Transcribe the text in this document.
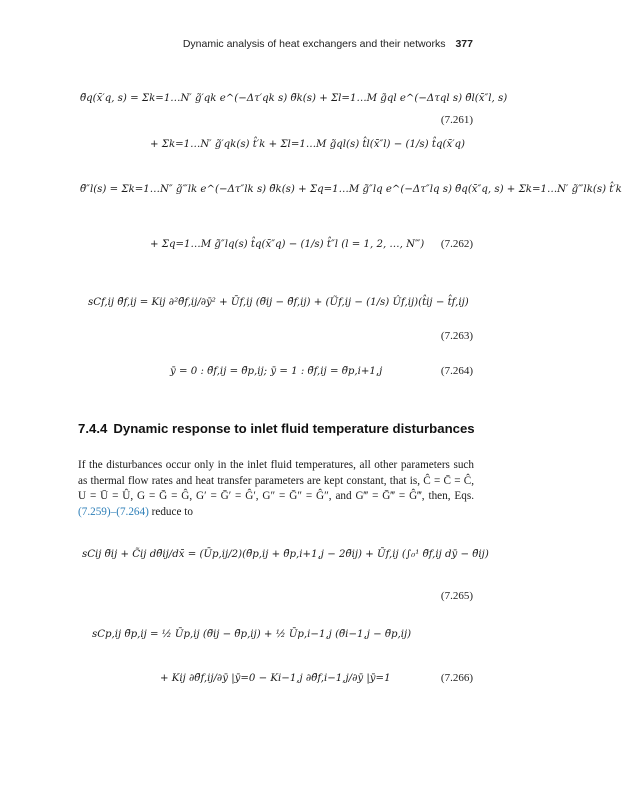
Dynamic analysis of heat exchangers and their networks 377
θ̃q(x̄′q, s) = Σk=1…N′ g̃′qk e^(−Δτ′qk s) θ̃k(s) + Σl=1…M g̃ql e^(−Δτql s) θ̃l(x̄″l, s)
+ Σk=1…N′ g̃′qk(s) t̂′k + Σl=1…M g̃ql(s) t̂l(x̄″l) − (1/s) t̂q(x̄′q)
(7.261)
θ̃″l(s) = Σk=1…N″ g̃‴lk e^(−Δτ″lk s) θ̃k(s) + Σq=1…M g̃″lq e^(−Δτ″lq s) θ̃q(x̄″q, s) + Σk=1…N′ g̃‴lk(s) t̂′k
+ Σq=1…M g̃″lq(s) t̂q(x̄″q) − (1/s) t̂″l (l = 1, 2, …, N‴) (7.262)
sCf,ij θ̃f,ij = Kij ∂²θ̃f,ij/∂ȳ² + Ūf,ij (θ̃ij − θ̃f,ij) + (Ũf,ij − (1/s) Ûf,ij)(t̂ij − t̂f,ij)
(7.263)
ȳ = 0 : θ̃f,ij = θ̃p,ij; ȳ = 1 : θ̃f,ij = θ̃p,i+1,j	(7.264)
7.4.4 Dynamic response to inlet fluid temperature disturbances
If the disturbances occur only in the inlet fluid temperatures, all other parameters such as thermal flow rates and heat transfer parameters are kept constant, that is, Ĉ = C̄ = Ĉ, U = Ū = Û, G = Ḡ = Ĝ, G′ = Ḡ′ = Ĝ′, G″ = Ḡ″ = Ĝ″, and G‴ = Ḡ‴ = Ĝ‴, then, Eqs. (7.259)–(7.264) reduce to
sCij θ̃ij + C̃ij dθ̃ij/dx̄ = (Ūp,ij/2)(θ̃p,ij + θ̃p,i+1,j − 2θ̃ij) + Ūf,ij (∫₀¹ θ̃f,ij dȳ − θ̃ij)
(7.265)
sCp,ij θ̃p,ij = ½ Ūp,ij (θ̃ij − θ̃p,ij) + ½ Ūp,i−1,j (θ̃i−1,j − θ̃p,ij)
+ Kij ∂θ̃f,ij/∂ȳ |ȳ=0 − Ki−1,j ∂θ̃f,i−1,j/∂ȳ |ȳ=1	(7.266)
